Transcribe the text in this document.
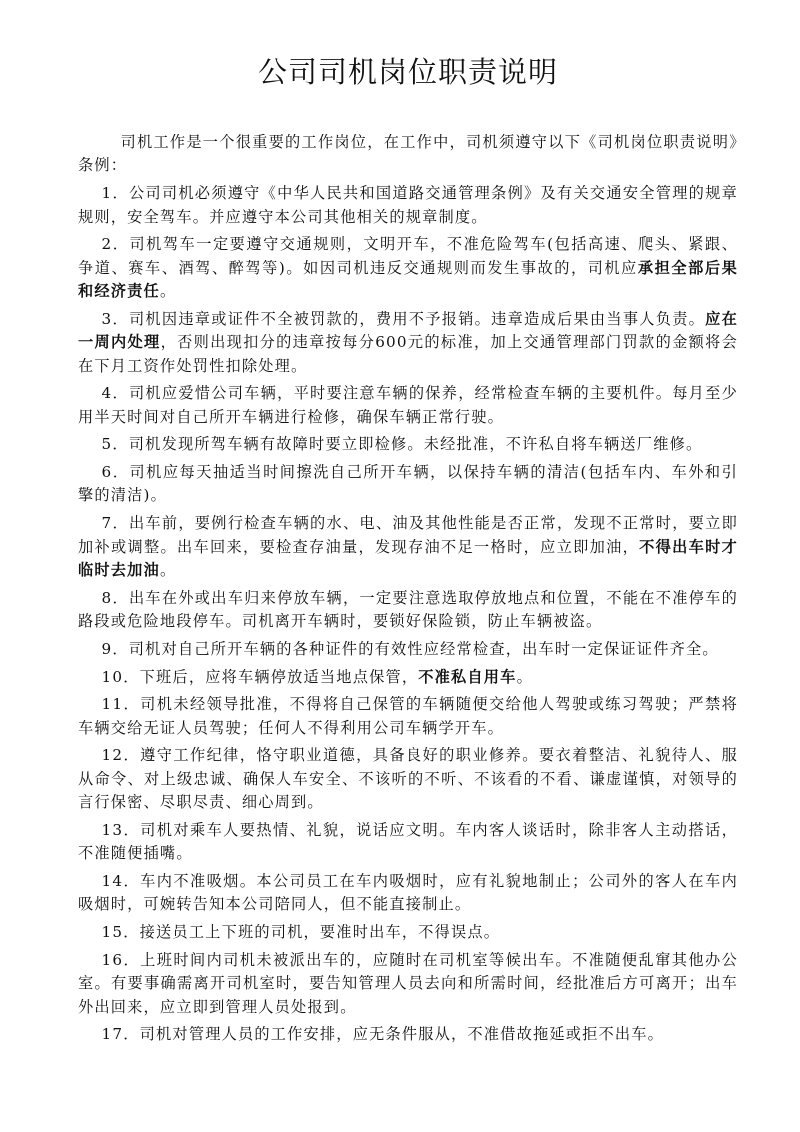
公司司机岗位职责说明

司机工作是一个很重要的工作岗位，在工作中，司机须遵守以下《司机岗位职责说明》条例：

1．公司司机必须遵守《中华人民共和国道路交通管理条例》及有关交通安全管理的规章规则，安全驾车。并应遵守本公司其他相关的规章制度。

2．司机驾车一定要遵守交通规则，文明开车，不准危险驾车(包括高速、爬头、紧跟、争道、赛车、酒驾、醉驾等)。如因司机违反交通规则而发生事故的，司机应承担全部后果和经济责任。

3．司机因违章或证件不全被罚款的，费用不予报销。违章造成后果由当事人负责。应在一周内处理，否则出现扣分的违章按每分600元的标准，加上交通管理部门罚款的金额将会在下月工资作处罚性扣除处理。

4．司机应爱惜公司车辆，平时要注意车辆的保养，经常检查车辆的主要机件。每月至少用半天时间对自己所开车辆进行检修，确保车辆正常行驶。

5．司机发现所驾车辆有故障时要立即检修。未经批准，不许私自将车辆送厂维修。

6．司机应每天抽适当时间擦洗自己所开车辆，以保持车辆的清洁(包括车内、车外和引擎的清洁)。

7．出车前，要例行检查车辆的水、电、油及其他性能是否正常，发现不正常时，要立即加补或调整。出车回来，要检查存油量，发现存油不足一格时，应立即加油，不得出车时才临时去加油。

8．出车在外或出车归来停放车辆，一定要注意选取停放地点和位置，不能在不准停车的路段或危险地段停车。司机离开车辆时，要锁好保险锁，防止车辆被盗。

9．司机对自己所开车辆的各种证件的有效性应经常检查，出车时一定保证证件齐全。

10．下班后，应将车辆停放适当地点保管，不准私自用车。

11．司机未经领导批准，不得将自己保管的车辆随便交给他人驾驶或练习驾驶；严禁将车辆交给无证人员驾驶；任何人不得利用公司车辆学开车。

12．遵守工作纪律，恪守职业道德，具备良好的职业修养。要衣着整洁、礼貌待人、服从命令、对上级忠诚、确保人车安全、不该听的不听、不该看的不看、谦虚谨慎，对领导的言行保密、尽职尽责、细心周到。

13．司机对乘车人要热情、礼貌，说话应文明。车内客人谈话时，除非客人主动搭话，不准随便插嘴。

14．车内不准吸烟。本公司员工在车内吸烟时，应有礼貌地制止；公司外的客人在车内吸烟时，可婉转告知本公司陪同人，但不能直接制止。

15．接送员工上下班的司机，要准时出车，不得误点。

16．上班时间内司机未被派出车的，应随时在司机室等候出车。不准随便乱窜其他办公室。有要事确需离开司机室时，要告知管理人员去向和所需时间，经批准后方可离开；出车外出回来，应立即到管理人员处报到。

17．司机对管理人员的工作安排，应无条件服从，不准借故拖延或拒不出车。
